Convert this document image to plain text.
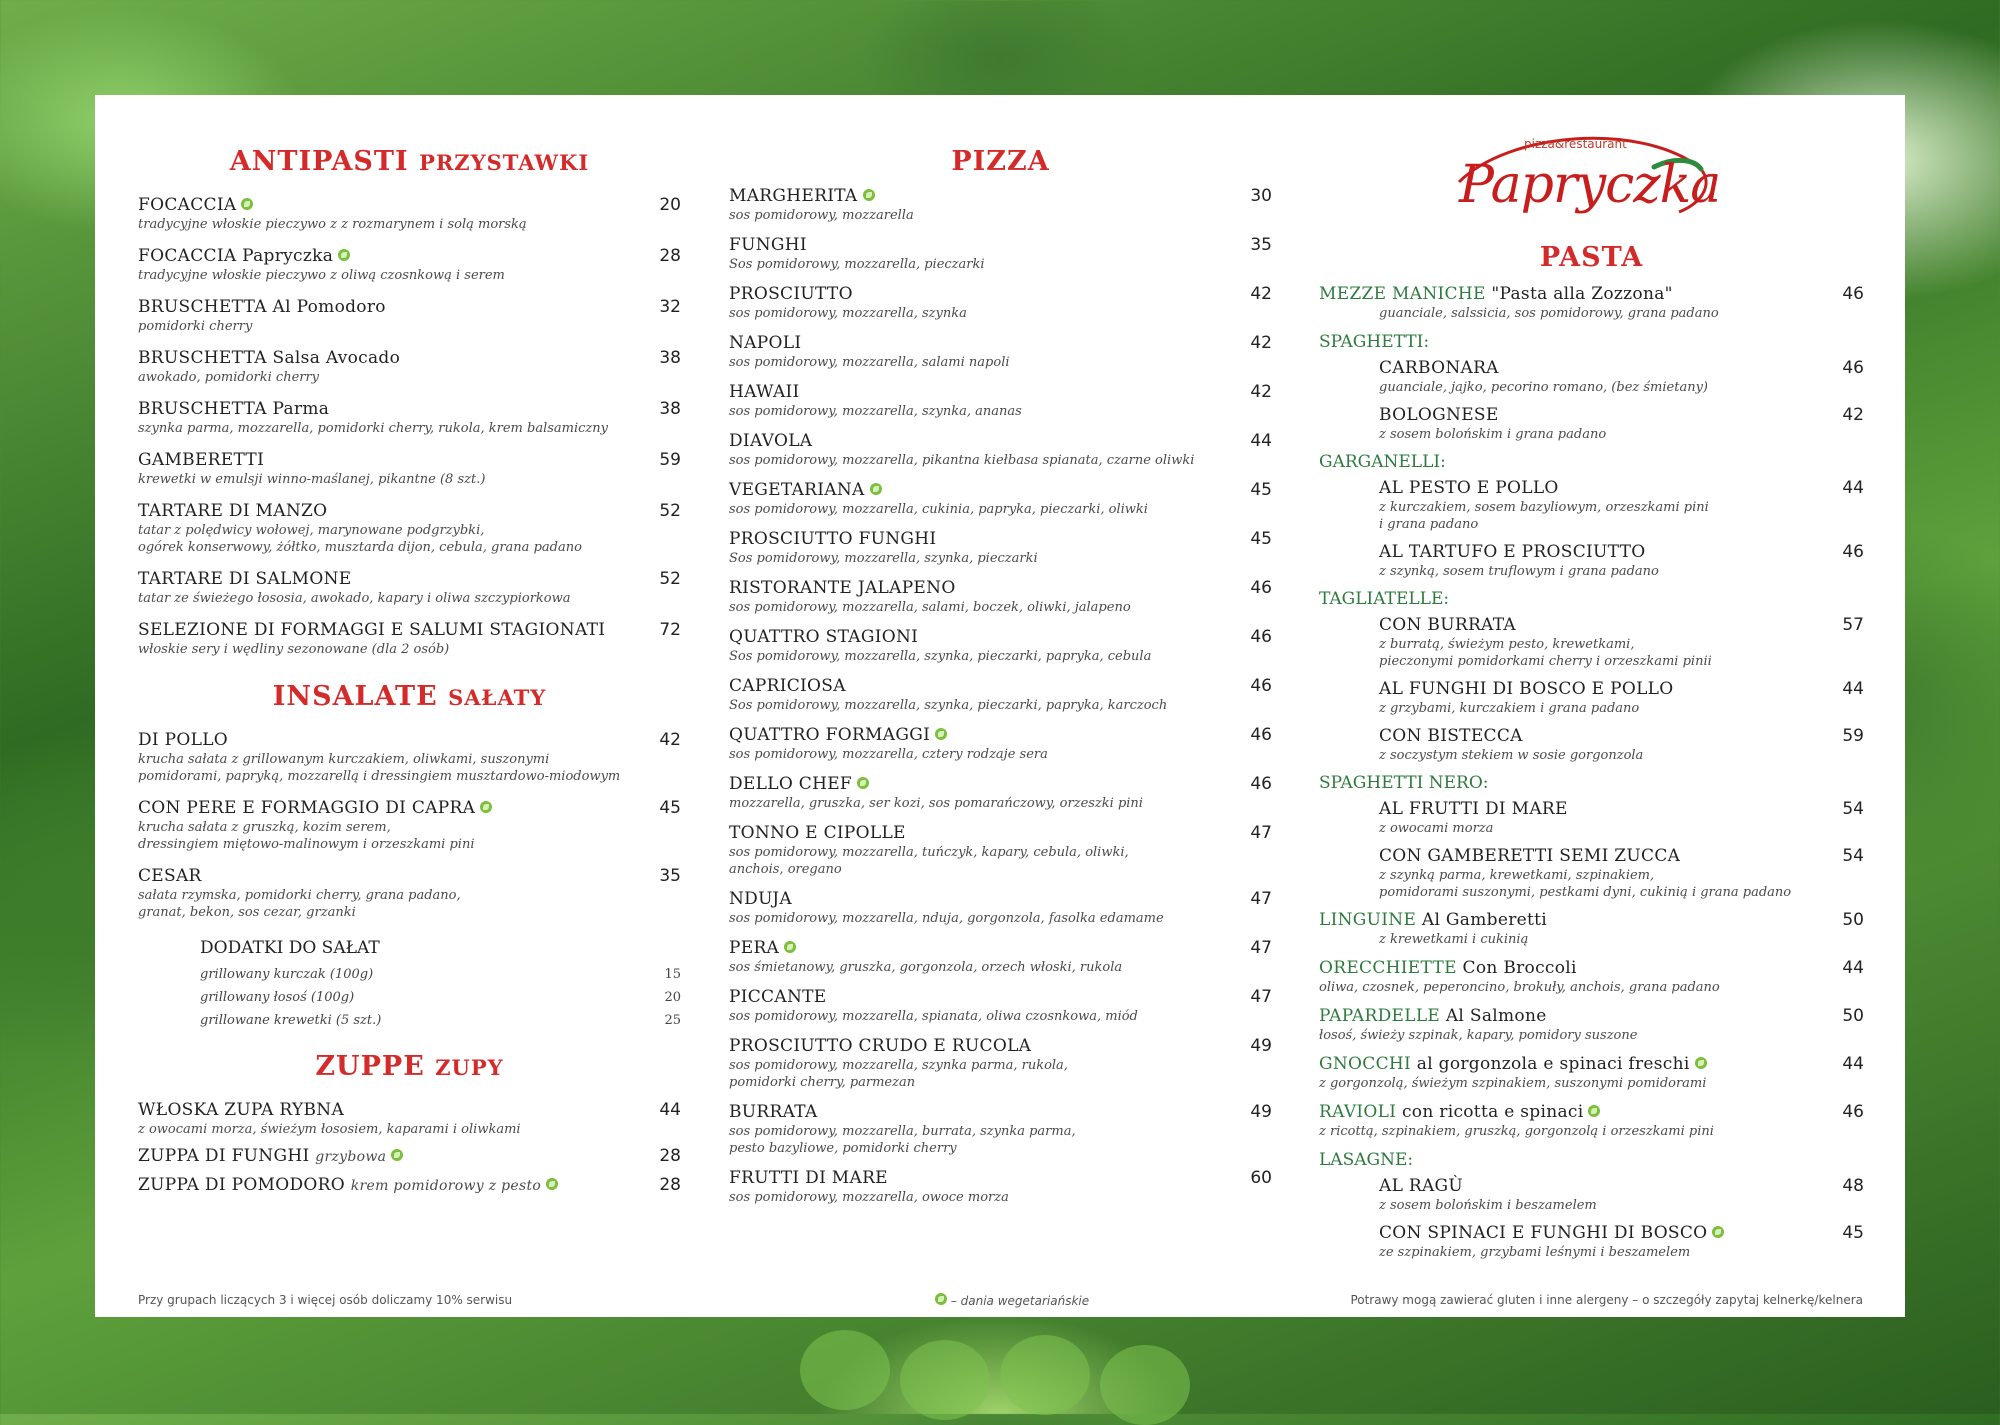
ANTIPASTI PRZYSTAWKI
FOCACCIA
tradycyjne włoskie pieczywo z z rozmarynem i solą morską
20
FOCACCIA Papryczka
tradycyjne włoskie pieczywo z oliwą czosnkową i serem
28
BRUSCHETTA Al Pomodoro
pomidorki cherry
32
BRUSCHETTA Salsa Avocado
awokado, pomidorki cherry
38
BRUSCHETTA Parma
szynka parma, mozzarella, pomidorki cherry, rukola, krem balsamiczny
38
GAMBERETTI
krewetki w emulsji winno-maślanej, pikantne (8 szt.)
59
TARTARE DI MANZO
tatar z polędwicy wołowej, marynowane podgrzybki,
ogórek konserwowy, żółtko, musztarda dijon, cebula, grana padano
52
TARTARE DI SALMONE
tatar ze świeżego łososia, awokado, kapary i oliwa szczypiorkowa
52
SELEZIONE DI FORMAGGI E SALUMI STAGIONATI
włoskie sery i wędliny sezonowane (dla 2 osób)
72
INSALATE SAŁATY
DI POLLO
krucha sałata z grillowanym kurczakiem, oliwkami, suszonymi
pomidorami, papryką, mozzarellą i dressingiem musztardowo-miodowym
42
CON PERE E FORMAGGIO DI CAPRA
krucha sałata z gruszką, kozim serem,
dressingiem miętowo-malinowym i orzeszkami pini
45
CESAR
sałata rzymska, pomidorki cherry, grana padano,
granat, bekon, sos cezar, grzanki
35
DODATKI DO SAŁAT
grillowany kurczak (100g)	15
grillowany łosoś (100g)	20
grillowane krewetki (5 szt.)	25
ZUPPE ZUPY
WŁOSKA ZUPA RYBNA
z owocami morza, świeżym łososiem, kaparami i oliwkami
44
ZUPPA DI FUNGHI grzybowa	28
ZUPPA DI POMODORO krem pomidorowy z pesto	28
PIZZA
MARGHERITA
sos pomidorowy, mozzarella
30
FUNGHI
Sos pomidorowy, mozzarella, pieczarki
35
PROSCIUTTO
sos pomidorowy, mozzarella, szynka
42
NAPOLI
sos pomidorowy, mozzarella, salami napoli
42
HAWAII
sos pomidorowy, mozzarella, szynka, ananas
42
DIAVOLA
sos pomidorowy, mozzarella, pikantna kiełbasa spianata, czarne oliwki
44
VEGETARIANA
sos pomidorowy, mozzarella, cukinia, papryka, pieczarki, oliwki
45
PROSCIUTTO FUNGHI
Sos pomidorowy, mozzarella, szynka, pieczarki
45
RISTORANTE JALAPENO
sos pomidorowy, mozzarella, salami, boczek, oliwki, jalapeno
46
QUATTRO STAGIONI
Sos pomidorowy, mozzarella, szynka, pieczarki, papryka, cebula
46
CAPRICIOSA
Sos pomidorowy, mozzarella, szynka, pieczarki, papryka, karczoch
46
QUATTRO FORMAGGI
sos pomidorowy, mozzarella, cztery rodzaje sera
46
DELLO CHEF
mozzarella, gruszka, ser kozi, sos pomarańczowy, orzeszki pini
46
TONNO E CIPOLLE
sos pomidorowy, mozzarella, tuńczyk, kapary, cebula, oliwki,
anchois, oregano
47
NDUJA
sos pomidorowy, mozzarella, nduja, gorgonzola, fasolka edamame
47
PERA
sos śmietanowy, gruszka, gorgonzola, orzech włoski, rukola
47
PICCANTE
sos pomidorowy, mozzarella, spianata, oliwa czosnkowa, miód
47
PROSCIUTTO CRUDO E RUCOLA
sos pomidorowy, mozzarella, szynka parma, rukola,
pomidorki cherry, parmezan
49
BURRATA
sos pomidorowy, mozzarella, burrata, szynka parma,
pesto bazyliowe, pomidorki cherry
49
FRUTTI DI MARE
sos pomidorowy, mozzarella, owoce morza
60
pizza&restaurant
Papryczka
PASTA
MEZZE MANICHE "Pasta alla Zozzona"
guanciale, salssicia, sos pomidorowy, grana padano
46
SPAGHETTI:
CARBONARA
guanciale, jajko, pecorino romano, (bez śmietany)
46
BOLOGNESE
z sosem bolońskim i grana padano
42
GARGANELLI:
AL PESTO E POLLO
z kurczakiem, sosem bazyliowym, orzeszkami pini
i grana padano
44
AL TARTUFO E PROSCIUTTO
z szynką, sosem truflowym i grana padano
46
TAGLIATELLE:
CON BURRATA
z burratą, świeżym pesto, krewetkami,
pieczonymi pomidorkami cherry i orzeszkami pinii
57
AL FUNGHI DI BOSCO E POLLO
z grzybami, kurczakiem i grana padano
44
CON BISTECCA
z soczystym stekiem w sosie gorgonzola
59
SPAGHETTI NERO:
AL FRUTTI DI MARE
z owocami morza
54
CON GAMBERETTI SEMI ZUCCA
z szynką parma, krewetkami, szpinakiem,
pomidorami suszonymi, pestkami dyni, cukinią i grana padano
54
LINGUINE Al Gamberetti
z krewetkami i cukinią
50
ORECCHIETTE Con Broccoli
oliwa, czosnek, peperoncino, brokuły, anchois, grana padano
44
PAPARDELLE Al Salmone
łosoś, świeży szpinak, kapary, pomidory suszone
50
GNOCCHI al gorgonzola e spinaci freschi
z gorgonzolą, świeżym szpinakiem, suszonymi pomidorami
44
RAVIOLI con ricotta e spinaci
z ricottą, szpinakiem, gruszką, gorgonzolą i orzeszkami pini
46
LASAGNE:
AL RAGÙ
z sosem bolońskim i beszamelem
48
CON SPINACI E FUNGHI DI BOSCO
ze szpinakiem, grzybami leśnymi i beszamelem
45
Przy grupach liczących 3 i więcej osób doliczamy 10% serwisu	– dania wegetariańskie	Potrawy mogą zawierać gluten i inne alergeny – o szczegóły zapytaj kelnerkę/kelnera
